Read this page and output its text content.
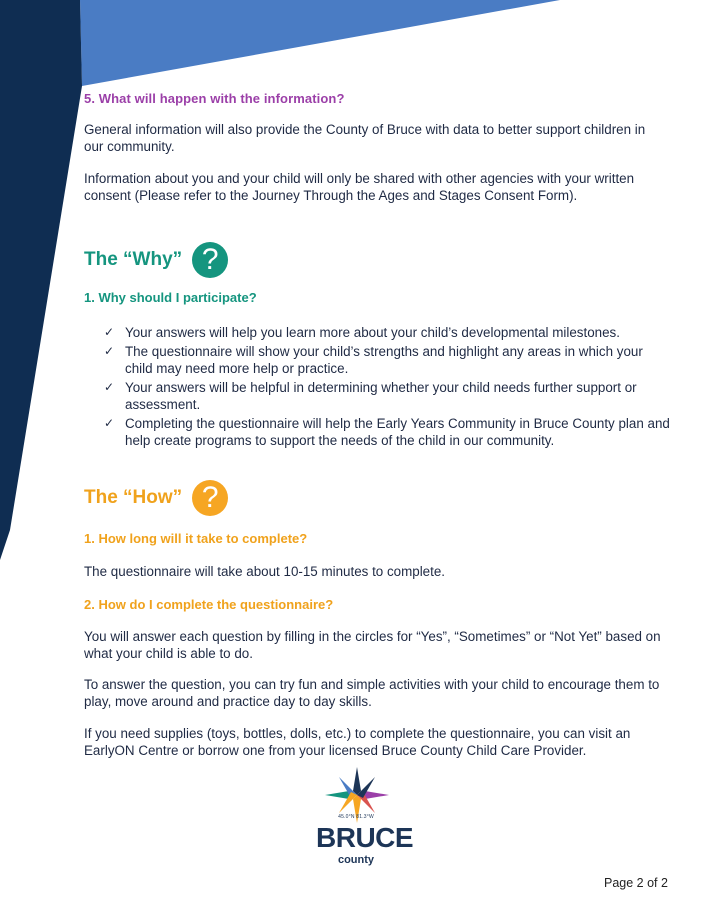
5. What will happen with the information?
General information will also provide the County of Bruce with data to better support children in our community.
Information about you and your child will only be shared with other agencies with your written consent (Please refer to the Journey Through the Ages and Stages Consent Form).
The “Why” ?
1. Why should I participate?
✓ Your answers will help you learn more about your child’s developmental milestones.
✓ The questionnaire will show your child’s strengths and highlight any areas in which your child may need more help or practice.
✓ Your answers will be helpful in determining whether your child needs further support or assessment.
✓ Completing the questionnaire will help the Early Years Community in Bruce County plan and help create programs to support the needs of the child in our community.
The “How” ?
1. How long will it take to complete?
The questionnaire will take about 10-15 minutes to complete.
2. How do I complete the questionnaire?
You will answer each question by filling in the circles for “Yes”, “Sometimes” or “Not Yet” based on what your child is able to do.
To answer the question, you can try fun and simple activities with your child to encourage them to play, move around and practice day to day skills.
If you need supplies (toys, bottles, dolls, etc.) to complete the questionnaire, you can visit an EarlyON Centre or borrow one from your licensed Bruce County Child Care Provider.
45.0°N 81.3°W
BRUCE
county
Page 2 of 2
